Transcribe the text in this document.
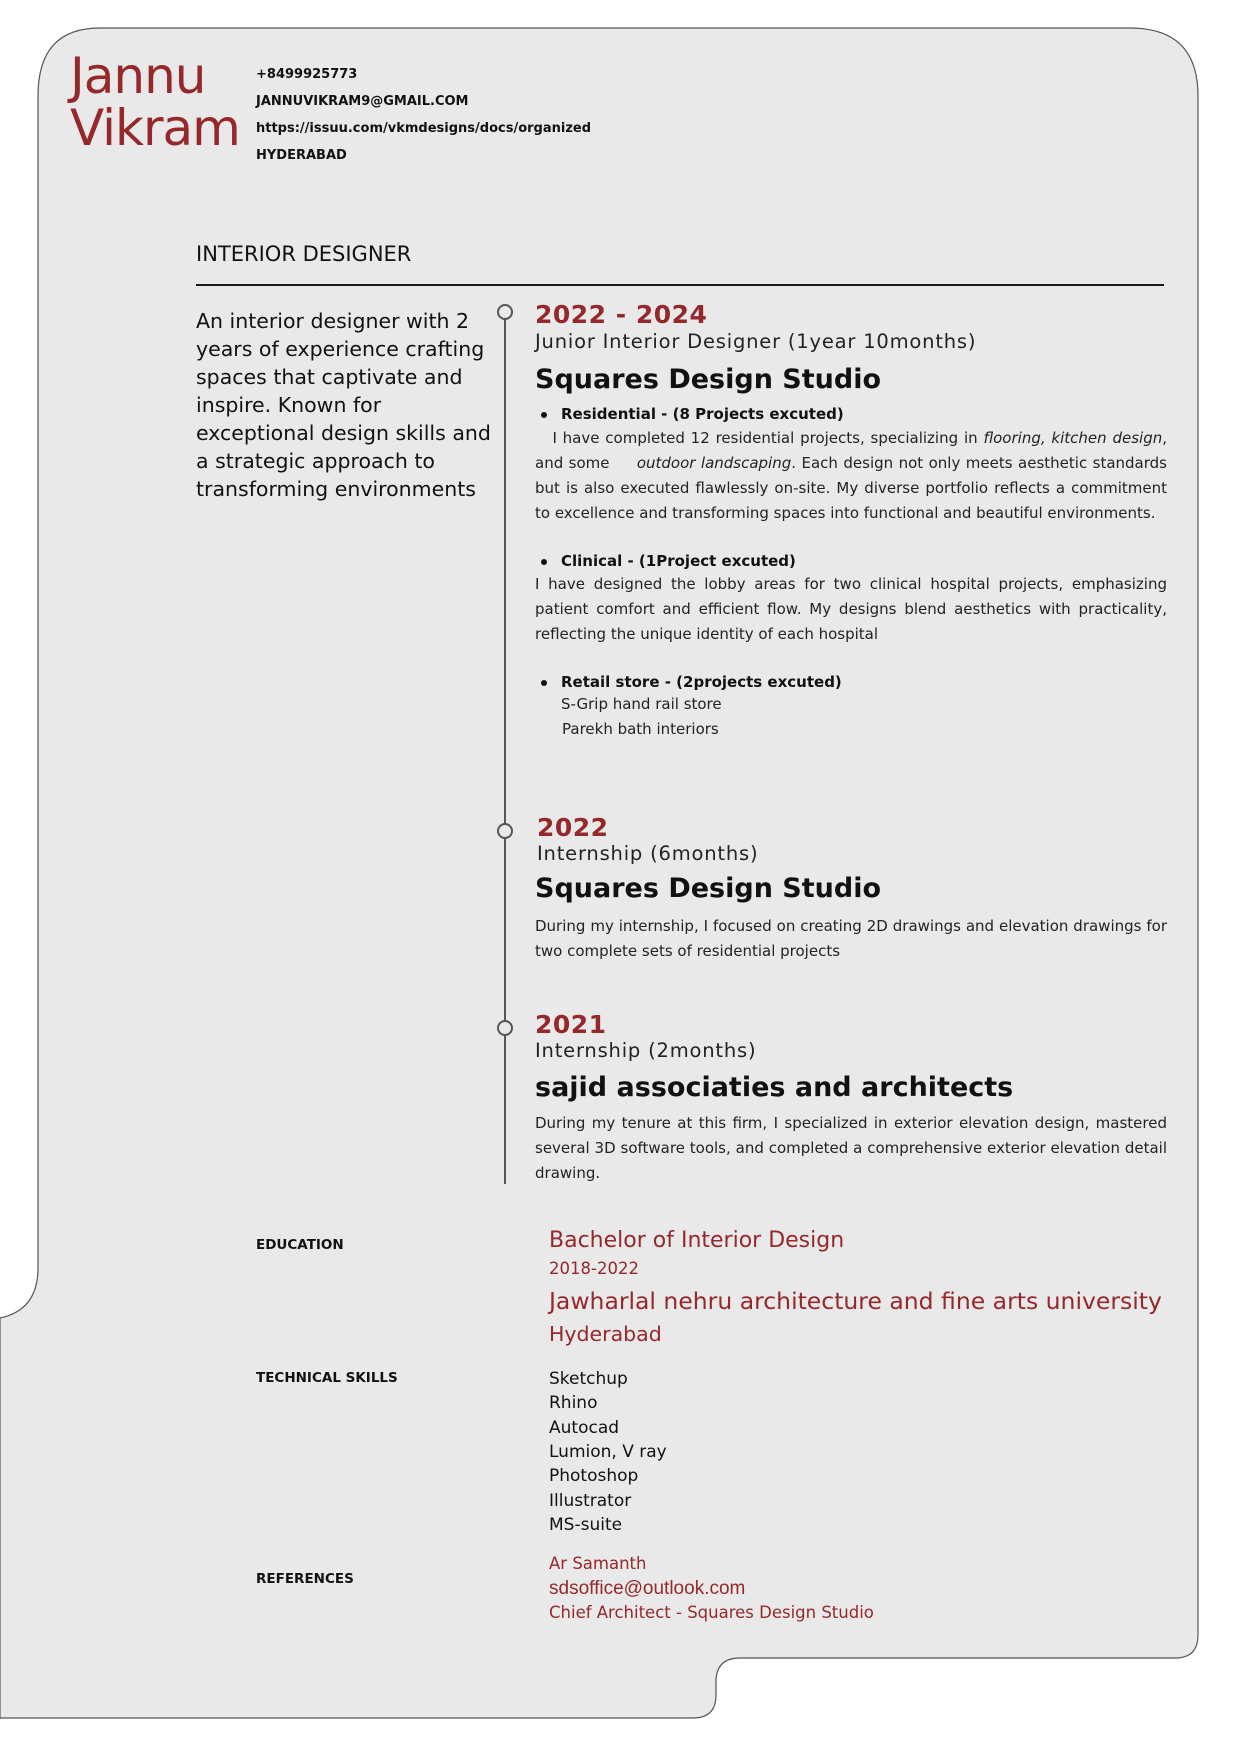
Jannu
Vikram
+8499925773
JANNUVIKRAM9@GMAIL.COM
https://issuu.com/vkmdesigns/docs/organized
HYDERABAD
INTERIOR DESIGNER
An interior designer with 2 years of experience crafting spaces that captivate and inspire. Known for exceptional design skills and a strategic approach to transforming environments
2022 - 2024
Junior Interior Designer (1year 10months)
Squares Design Studio
Residential - (8 Projects excuted)
I have completed 12 residential projects, specializing in flooring, kitchen design, and some     outdoor landscaping. Each design not only meets aesthetic standards but is also executed flawlessly on-site. My diverse portfolio reflects a commitment to excellence and transforming spaces into functional and beautiful environments.
Clinical - (1Project excuted)
I have designed the lobby areas for two clinical hospital projects, emphasizing patient comfort and efficient flow. My designs blend aesthetics with practicality, reflecting the unique identity of each hospital
Retail store - (2projects excuted)
S-Grip hand rail store
Parekh bath interiors
2022
Internship (6months)
Squares Design Studio
During my internship, I focused on creating 2D drawings and elevation drawings for two complete sets of residential projects
2021
Internship (2months)
sajid associaties and architects
During my tenure at this firm, I specialized in exterior elevation design, mastered several 3D software tools, and completed a comprehensive exterior elevation detail drawing.
EDUCATION	Bachelor of Interior Design
2018-2022
Jawharlal nehru architecture and fine arts university
Hyderabad
TECHNICAL SKILLS	Sketchup
Rhino
Autocad
Lumion, V ray
Photoshop
Illustrator
MS-suite
REFERENCES
Ar Samanth
sdsoffice@outlook.com
Chief Architect - Squares Design Studio
